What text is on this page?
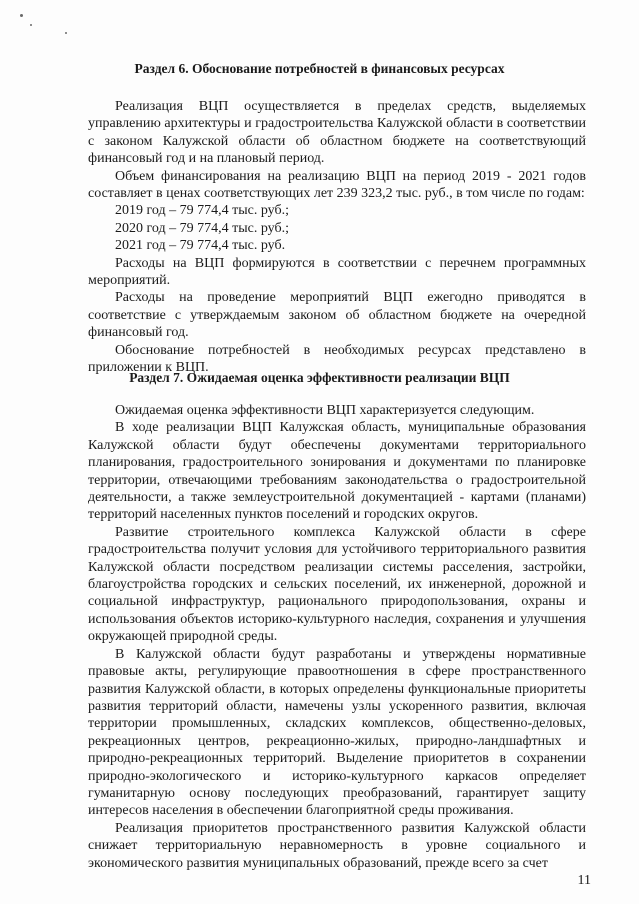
Раздел 6. Обоснование потребностей в финансовых ресурсах

Реализация ВЦП осуществляется в пределах средств, выделяемых управлению архитектуры и градостроительства Калужской области в соответствии с законом Калужской области об областном бюджете на соответствующий финансовый год и на плановый период.

Объем финансирования на реализацию ВЦП на период 2019 - 2021 годов составляет в ценах соответствующих лет 239 323,2 тыс. руб., в том числе по годам:

2019 год – 79 774,4 тыс. руб.;

2020 год – 79 774,4 тыс. руб.;

2021 год – 79 774,4 тыс. руб.

Расходы на ВЦП формируются в соответствии с перечнем программных мероприятий.

Расходы на проведение мероприятий ВЦП ежегодно приводятся в соответствие с утверждаемым законом об областном бюджете на очередной финансовый год.

Обоснование потребностей в необходимых ресурсах представлено в приложении к ВЦП.

Раздел 7. Ожидаемая оценка эффективности реализации ВЦП

Ожидаемая оценка эффективности ВЦП характеризуется следующим.

В ходе реализации ВЦП Калужская область, муниципальные образования Калужской области будут обеспечены документами территориального планирования, градостроительного зонирования и документами по планировке территории, отвечающими требованиям законодательства о градостроительной деятельности, а также землеустроительной документацией - картами (планами) территорий населенных пунктов поселений и городских округов.

Развитие строительного комплекса Калужской области в сфере градостроительства получит условия для устойчивого территориального развития Калужской области посредством реализации системы расселения, застройки, благоустройства городских и сельских поселений, их инженерной, дорожной и социальной инфраструктур, рационального природопользования, охраны и использования объектов историко-культурного наследия, сохранения и улучшения окружающей природной среды.

В Калужской области будут разработаны и утверждены нормативные правовые акты, регулирующие правоотношения в сфере пространственного развития Калужской области, в которых определены функциональные приоритеты развития территорий области, намечены узлы ускоренного развития, включая территории промышленных, складских комплексов, общественно-деловых, рекреационных центров, рекреационно-жилых, природно-ландшафтных и природно-рекреационных территорий. Выделение приоритетов в сохранении природно-экологического и историко-культурного каркасов определяет гуманитарную основу последующих преобразований, гарантирует защиту интересов населения в обеспечении благоприятной среды проживания.

Реализация приоритетов пространственного развития Калужской области снижает территориальную неравномерность в уровне социального и экономического развития муниципальных образований, прежде всего за счет

11
